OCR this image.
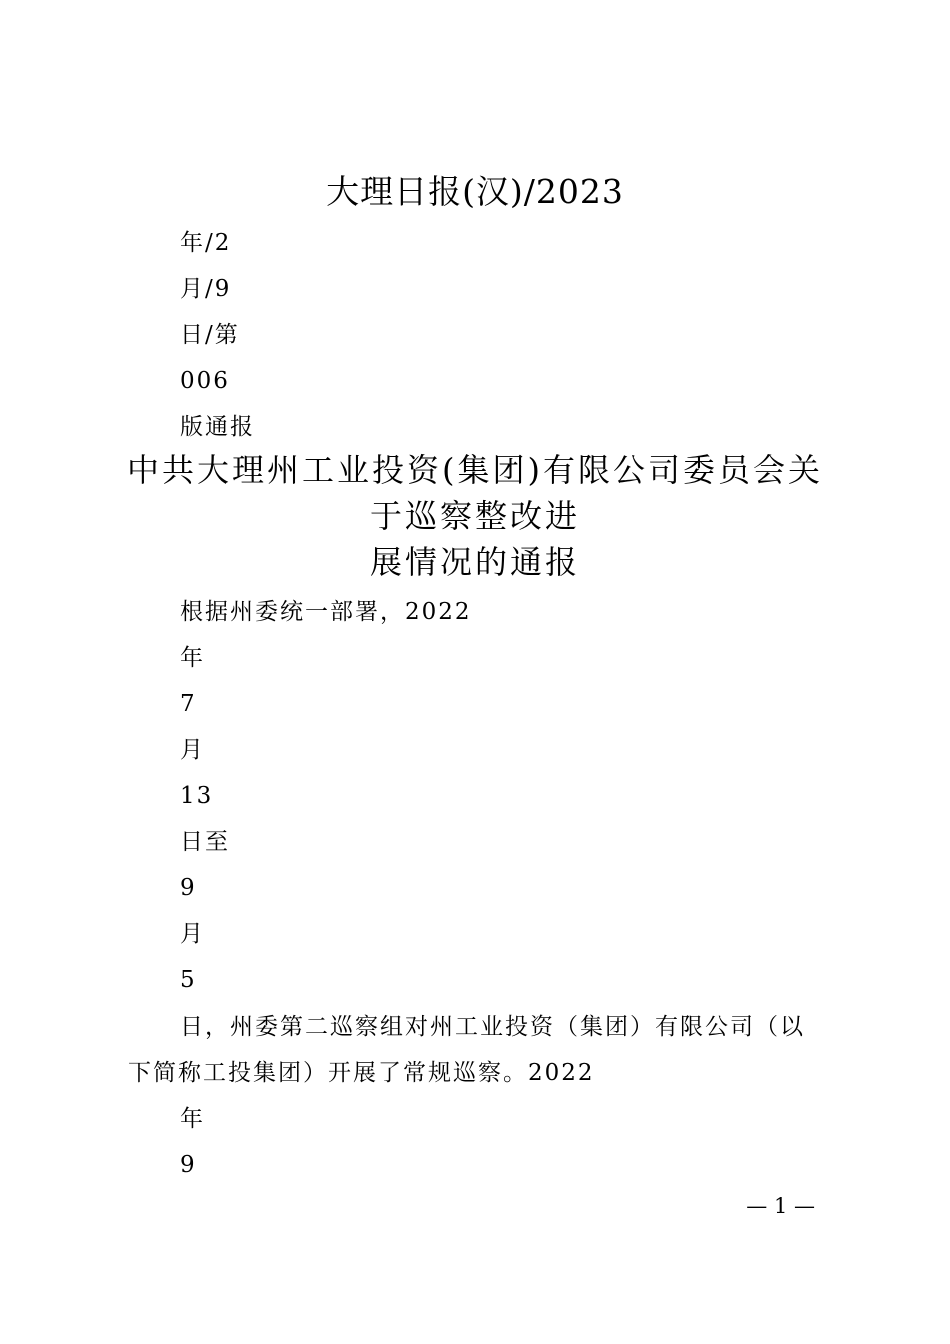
大理日报(汉)/2023
年/2
月/9
日/第
006
版通报
中共大理州工业投资(集团)有限公司委员会关
于巡察整改进
展情况的通报
根据州委统一部署，2022
年
7
月
13
日至
9
月
5
日，州委第二巡察组对州工业投资（集团）有限公司（以
下简称工投集团）开展了常规巡察。2022
年
9
— 1 —
